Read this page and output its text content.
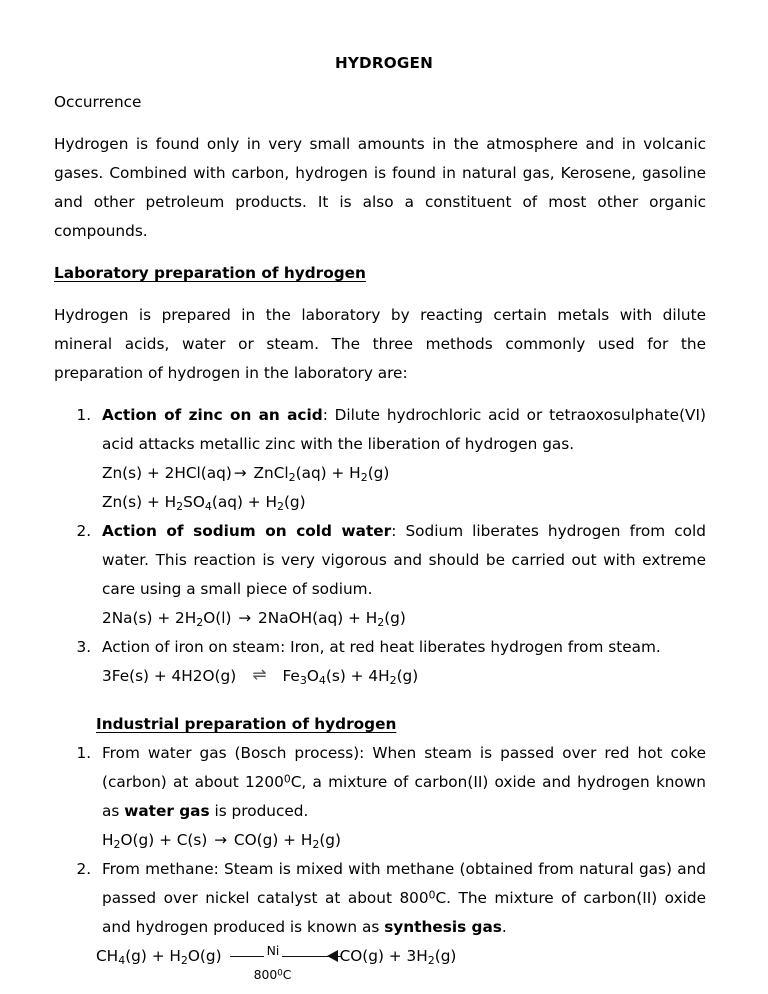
HYDROGEN

Occurrence

Hydrogen is found only in very small amounts in the atmosphere and in volcanic gases. Combined with carbon, hydrogen is found in natural gas, Kerosene, gasoline and other petroleum products. It is also a constituent of most other organic compounds.

Laboratory preparation of hydrogen

Hydrogen is prepared in the laboratory by reacting certain metals with dilute mineral acids, water or steam. The three methods commonly used for the preparation of hydrogen in the laboratory are:

1. Action of zinc on an acid: Dilute hydrochloric acid or tetraoxosulphate(VI) acid attacks metallic zinc with the liberation of hydrogen gas.
Zn(s) + 2HCl(aq) → ZnCl$_2$(aq) + $H_2(g)$
$Zn(s) + H_2SO_4(aq) + H_2(g)$
2. Action of sodium on cold water: Sodium liberates hydrogen from cold water. This reaction is very vigorous and should be carried out with extreme care using a small piece of sodium.
$2Na(s) + 2H_2O(l)$ → 2NaOH(aq) + $H_2(g)$
3. Action of iron on steam: Iron, at red heat liberates hydrogen from steam.
3Fe(s) + 4H2O(g) ⇌ $Fe_3O_4(s) + 4H_2(g)$
Industrial preparation of hydrogen
1. From water gas (Bosch process): When steam is passed over red hot coke (carbon) at about 1200$^0$C, a mixture of carbon(II) oxide and hydrogen known as water gas is produced.
$H_2O(g) + C(s) \to CO(g) + H_2(g)$
2. From methane: Steam is mixed with methane (obtained from natural gas) and passed over nickel catalyst at about $800^0C$. The mixture of carbon(II) oxide and hydrogen produced is known as synthesis gas.
$CH_4(g) + H_2O(g)$	Ni
$800^0C$
$CO(g) + 3H_2(g)$
